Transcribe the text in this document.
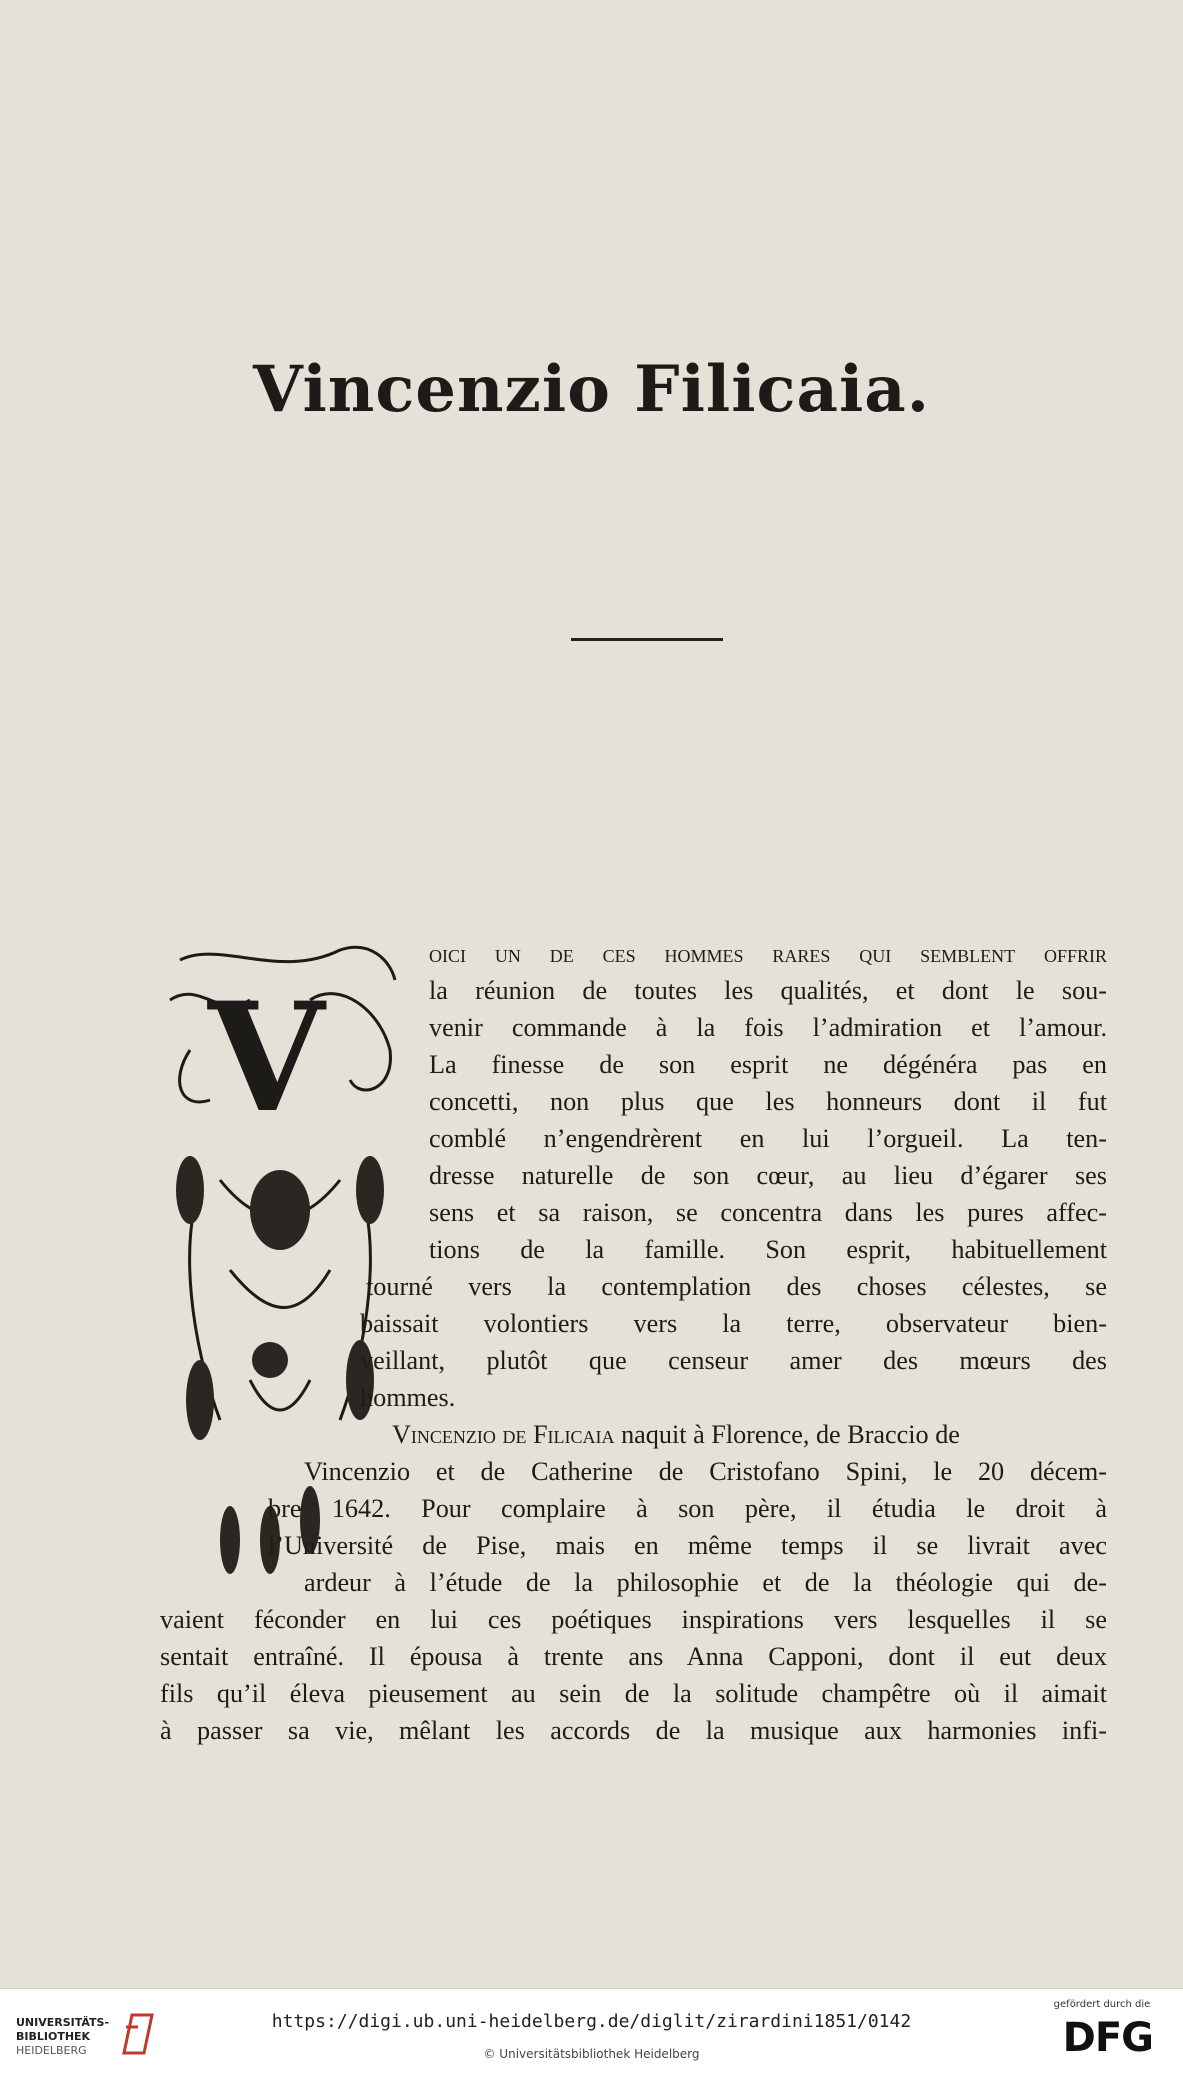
Vincenzio Filicaia.
V
oici un de ces hommes rares qui semblent offrir
la réunion de toutes les qualités, et dont le sou-
venir commande à la fois l’admiration et l’amour.
La finesse de son esprit ne dégénéra pas en
concetti, non plus que les honneurs dont il fut
comblé n’engendrèrent en lui l’orgueil. La ten-
dresse naturelle de son cœur, au lieu d’égarer ses
sens et sa raison, se concentra dans les pures affec-
tions de la famille. Son esprit, habituellement
tourné vers la contemplation des choses célestes, se
baissait volontiers vers la terre, observateur bien-
veillant, plutôt que censeur amer des mœurs des
hommes.
Vincenzio de Filicaia naquit à Florence, de Braccio de
Vincenzio et de Catherine de Cristofano Spini, le 20 décem-
bre 1642. Pour complaire à son père, il étudia le droit à
l’Université de Pise, mais en même temps il se livrait avec
ardeur à l’étude de la philosophie et de la théologie qui de-
vaient féconder en lui ces poétiques inspirations vers lesquelles il se
sentait entraîné. Il épousa à trente ans Anna Capponi, dont il eut deux
fils qu’il éleva pieusement au sein de la solitude champêtre où il aimait
à passer sa vie, mêlant les accords de la musique aux harmonies infi-
UNIVERSITÄTS-
BIBLIOTHEK
HEIDELBERG
https://digi.ub.uni-heidelberg.de/diglit/zirardini1851/0142
© Universitätsbibliothek Heidelberg
gefördert durch die
DFG
